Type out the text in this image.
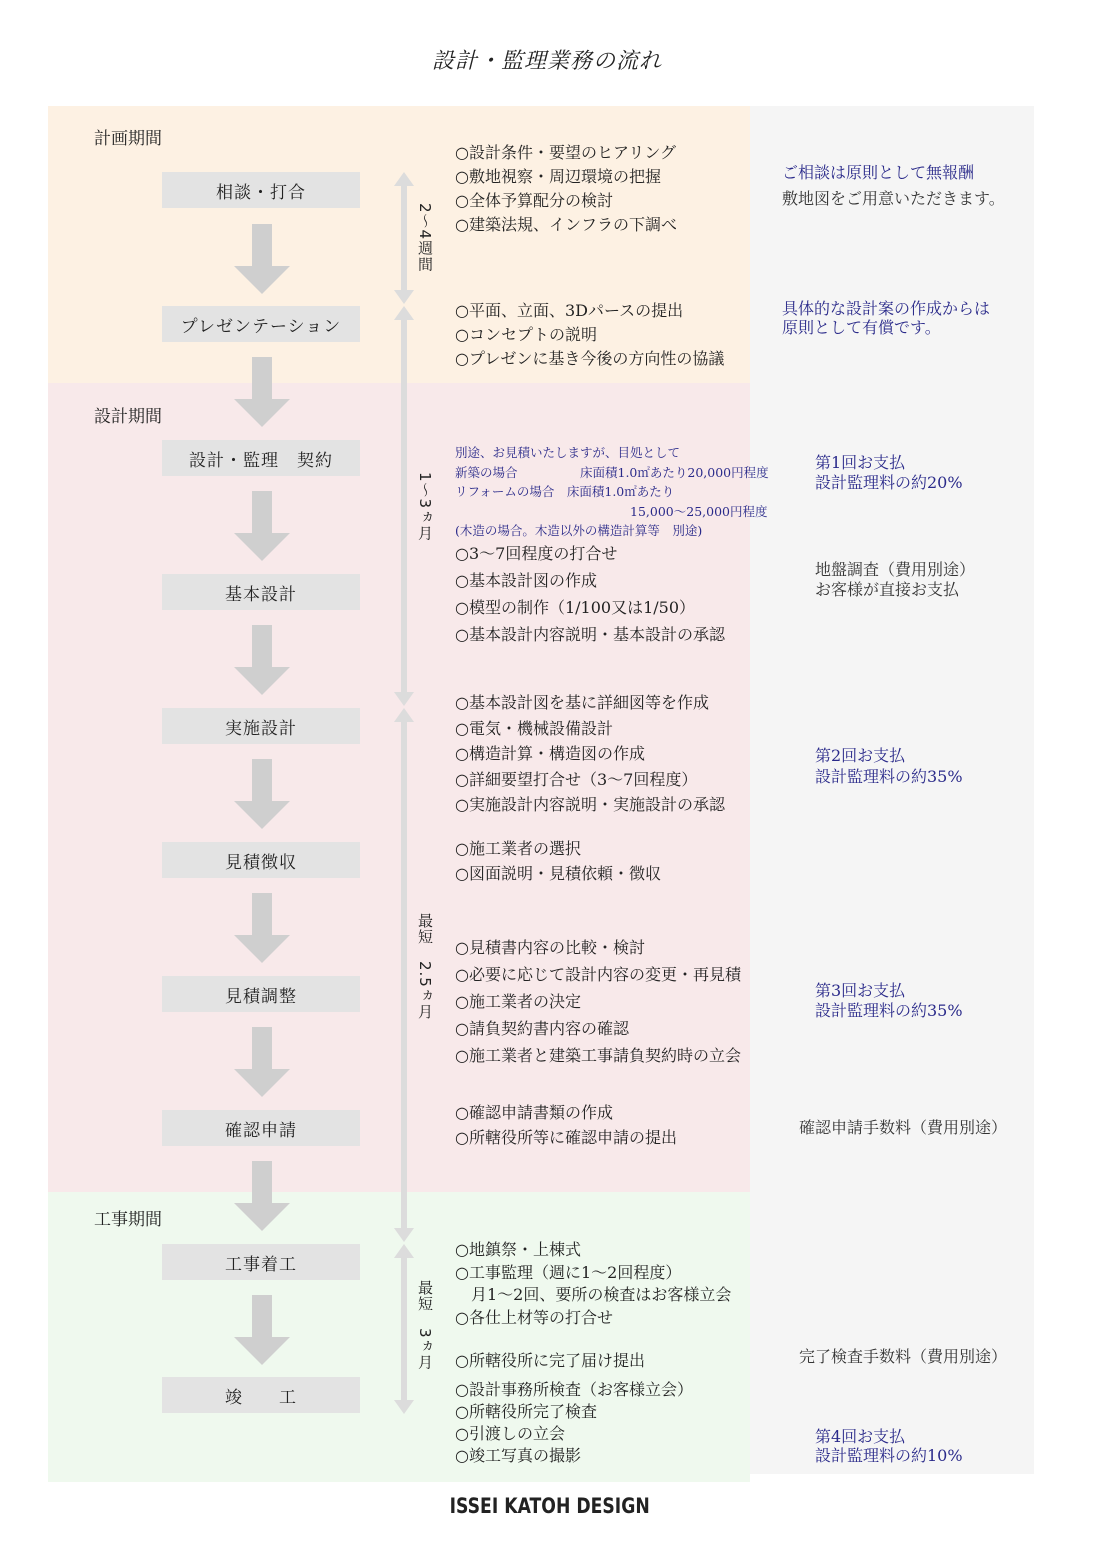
設計・監理業務の流れ
計画期間
設計期間
工事期間
相談・打合
プレゼンテーション
設計・監理　契約
基本設計
実施設計
見積徴収
見積調整
確認申請
工事着工
竣　　工
2〜4週間
1〜3ヵ月
最短　2.5ヵ月
最短　3ヵ月
○設計条件・要望のヒアリング
○敷地視察・周辺環境の把握
○全体予算配分の検討
○建築法規、インフラの下調べ
○平面、立面、3Dパースの提出
○コンセプトの説明
○プレゼンに基き今後の方向性の協議
別途、お見積いたしますが、目処として
新築の場合　　　　　床面積1.0㎡あたり20,000円程度
リフォームの場合　床面積1.0㎡あたり
　　　　　　　　　　　　　　15,000〜25,000円程度
(木造の場合。木造以外の構造計算等　別途)
○3〜7回程度の打合せ
○基本設計図の作成
○模型の制作（1/100又は1/50）
○基本設計内容説明・基本設計の承認
○基本設計図を基に詳細図等を作成
○電気・機械設備設計
○構造計算・構造図の作成
○詳細要望打合せ（3〜7回程度）
○実施設計内容説明・実施設計の承認
○施工業者の選択
○図面説明・見積依頼・徴収
○見積書内容の比較・検討
○必要に応じて設計内容の変更・再見積
○施工業者の決定
○請負契約書内容の確認
○施工業者と建築工事請負契約時の立会
○確認申請書類の作成
○所轄役所等に確認申請の提出
○地鎮祭・上棟式
○工事監理（週に1〜2回程度）
　月1〜2回、要所の検査はお客様立会
○各仕上材等の打合せ
○所轄役所に完了届け提出
○設計事務所検査（お客様立会）
○所轄役所完了検査
○引渡しの立会
○竣工写真の撮影
ご相談は原則として無報酬
敷地図をご用意いただきます。
具体的な設計案の作成からは
原則として有償です。
第1回お支払
設計監理料の約20%
地盤調査（費用別途）
お客様が直接お支払
第2回お支払
設計監理料の約35%
第3回お支払
設計監理料の約35%
確認申請手数料（費用別途）
完了検査手数料（費用別途）
第4回お支払
設計監理料の約10%
ISSEI KATOH DESIGN
